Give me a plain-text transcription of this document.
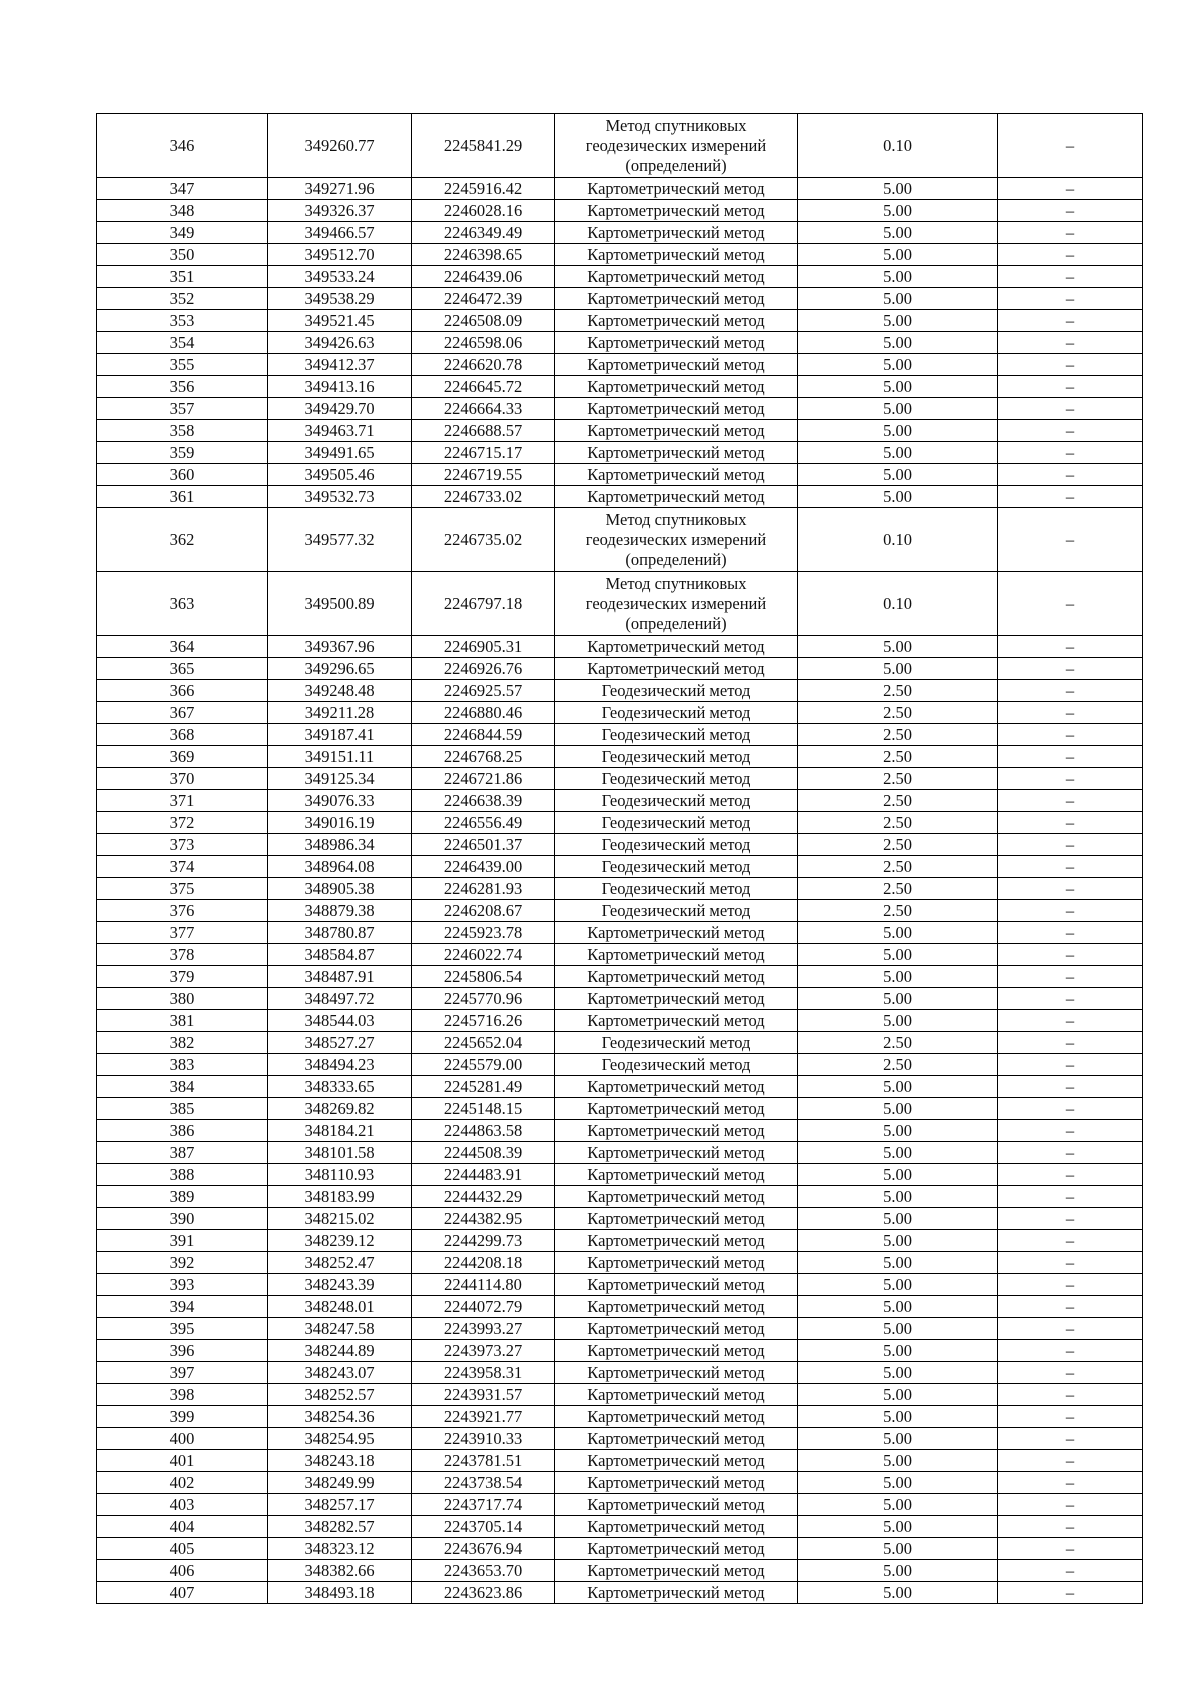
346	349260.77	2245841.29	Метод спутниковых геодезических измерений (определений)	0.10	–
347	349271.96	2245916.42	Картометрический метод	5.00	–
348	349326.37	2246028.16	Картометрический метод	5.00	–
349	349466.57	2246349.49	Картометрический метод	5.00	–
350	349512.70	2246398.65	Картометрический метод	5.00	–
351	349533.24	2246439.06	Картометрический метод	5.00	–
352	349538.29	2246472.39	Картометрический метод	5.00	–
353	349521.45	2246508.09	Картометрический метод	5.00	–
354	349426.63	2246598.06	Картометрический метод	5.00	–
355	349412.37	2246620.78	Картометрический метод	5.00	–
356	349413.16	2246645.72	Картометрический метод	5.00	–
357	349429.70	2246664.33	Картометрический метод	5.00	–
358	349463.71	2246688.57	Картометрический метод	5.00	–
359	349491.65	2246715.17	Картометрический метод	5.00	–
360	349505.46	2246719.55	Картометрический метод	5.00	–
361	349532.73	2246733.02	Картометрический метод	5.00	–
362	349577.32	2246735.02	Метод спутниковых геодезических измерений (определений)	0.10	–
363	349500.89	2246797.18	Метод спутниковых геодезических измерений (определений)	0.10	–
364	349367.96	2246905.31	Картометрический метод	5.00	–
365	349296.65	2246926.76	Картометрический метод	5.00	–
366	349248.48	2246925.57	Геодезический метод	2.50	–
367	349211.28	2246880.46	Геодезический метод	2.50	–
368	349187.41	2246844.59	Геодезический метод	2.50	–
369	349151.11	2246768.25	Геодезический метод	2.50	–
370	349125.34	2246721.86	Геодезический метод	2.50	–
371	349076.33	2246638.39	Геодезический метод	2.50	–
372	349016.19	2246556.49	Геодезический метод	2.50	–
373	348986.34	2246501.37	Геодезический метод	2.50	–
374	348964.08	2246439.00	Геодезический метод	2.50	–
375	348905.38	2246281.93	Геодезический метод	2.50	–
376	348879.38	2246208.67	Геодезический метод	2.50	–
377	348780.87	2245923.78	Картометрический метод	5.00	–
378	348584.87	2246022.74	Картометрический метод	5.00	–
379	348487.91	2245806.54	Картометрический метод	5.00	–
380	348497.72	2245770.96	Картометрический метод	5.00	–
381	348544.03	2245716.26	Картометрический метод	5.00	–
382	348527.27	2245652.04	Геодезический метод	2.50	–
383	348494.23	2245579.00	Геодезический метод	2.50	–
384	348333.65	2245281.49	Картометрический метод	5.00	–
385	348269.82	2245148.15	Картометрический метод	5.00	–
386	348184.21	2244863.58	Картометрический метод	5.00	–
387	348101.58	2244508.39	Картометрический метод	5.00	–
388	348110.93	2244483.91	Картометрический метод	5.00	–
389	348183.99	2244432.29	Картометрический метод	5.00	–
390	348215.02	2244382.95	Картометрический метод	5.00	–
391	348239.12	2244299.73	Картометрический метод	5.00	–
392	348252.47	2244208.18	Картометрический метод	5.00	–
393	348243.39	2244114.80	Картометрический метод	5.00	–
394	348248.01	2244072.79	Картометрический метод	5.00	–
395	348247.58	2243993.27	Картометрический метод	5.00	–
396	348244.89	2243973.27	Картометрический метод	5.00	–
397	348243.07	2243958.31	Картометрический метод	5.00	–
398	348252.57	2243931.57	Картометрический метод	5.00	–
399	348254.36	2243921.77	Картометрический метод	5.00	–
400	348254.95	2243910.33	Картометрический метод	5.00	–
401	348243.18	2243781.51	Картометрический метод	5.00	–
402	348249.99	2243738.54	Картометрический метод	5.00	–
403	348257.17	2243717.74	Картометрический метод	5.00	–
404	348282.57	2243705.14	Картометрический метод	5.00	–
405	348323.12	2243676.94	Картометрический метод	5.00	–
406	348382.66	2243653.70	Картометрический метод	5.00	–
407	348493.18	2243623.86	Картометрический метод	5.00	–
